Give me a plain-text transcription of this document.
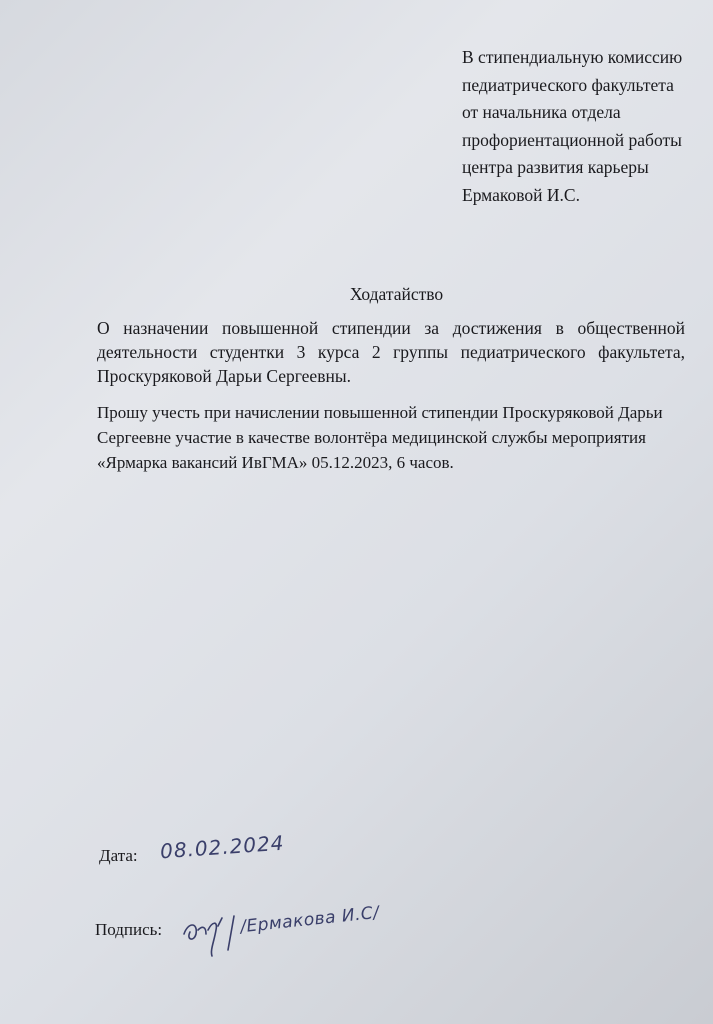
В стипендиальную комиссию
педиатрического факультета
от начальника отдела
профориентационной работы
центра развития карьеры
Ермаковой И.С.
Ходатайство
О назначении повышенной стипендии за достижения в общественной деятельности студентки 3 курса 2 группы педиатрического факультета, Проскуряковой Дарьи Сергеевны.
Прошу учесть при начислении повышенной стипендии Проскуряковой Дарьи Сергеевне участие в качестве волонтёра медицинской службы мероприятия «Ярмарка вакансий ИвГМА» 05.12.2023, 6 часов.
Дата: 08.02.2024
Подпись:	/Ермакова И.С/
